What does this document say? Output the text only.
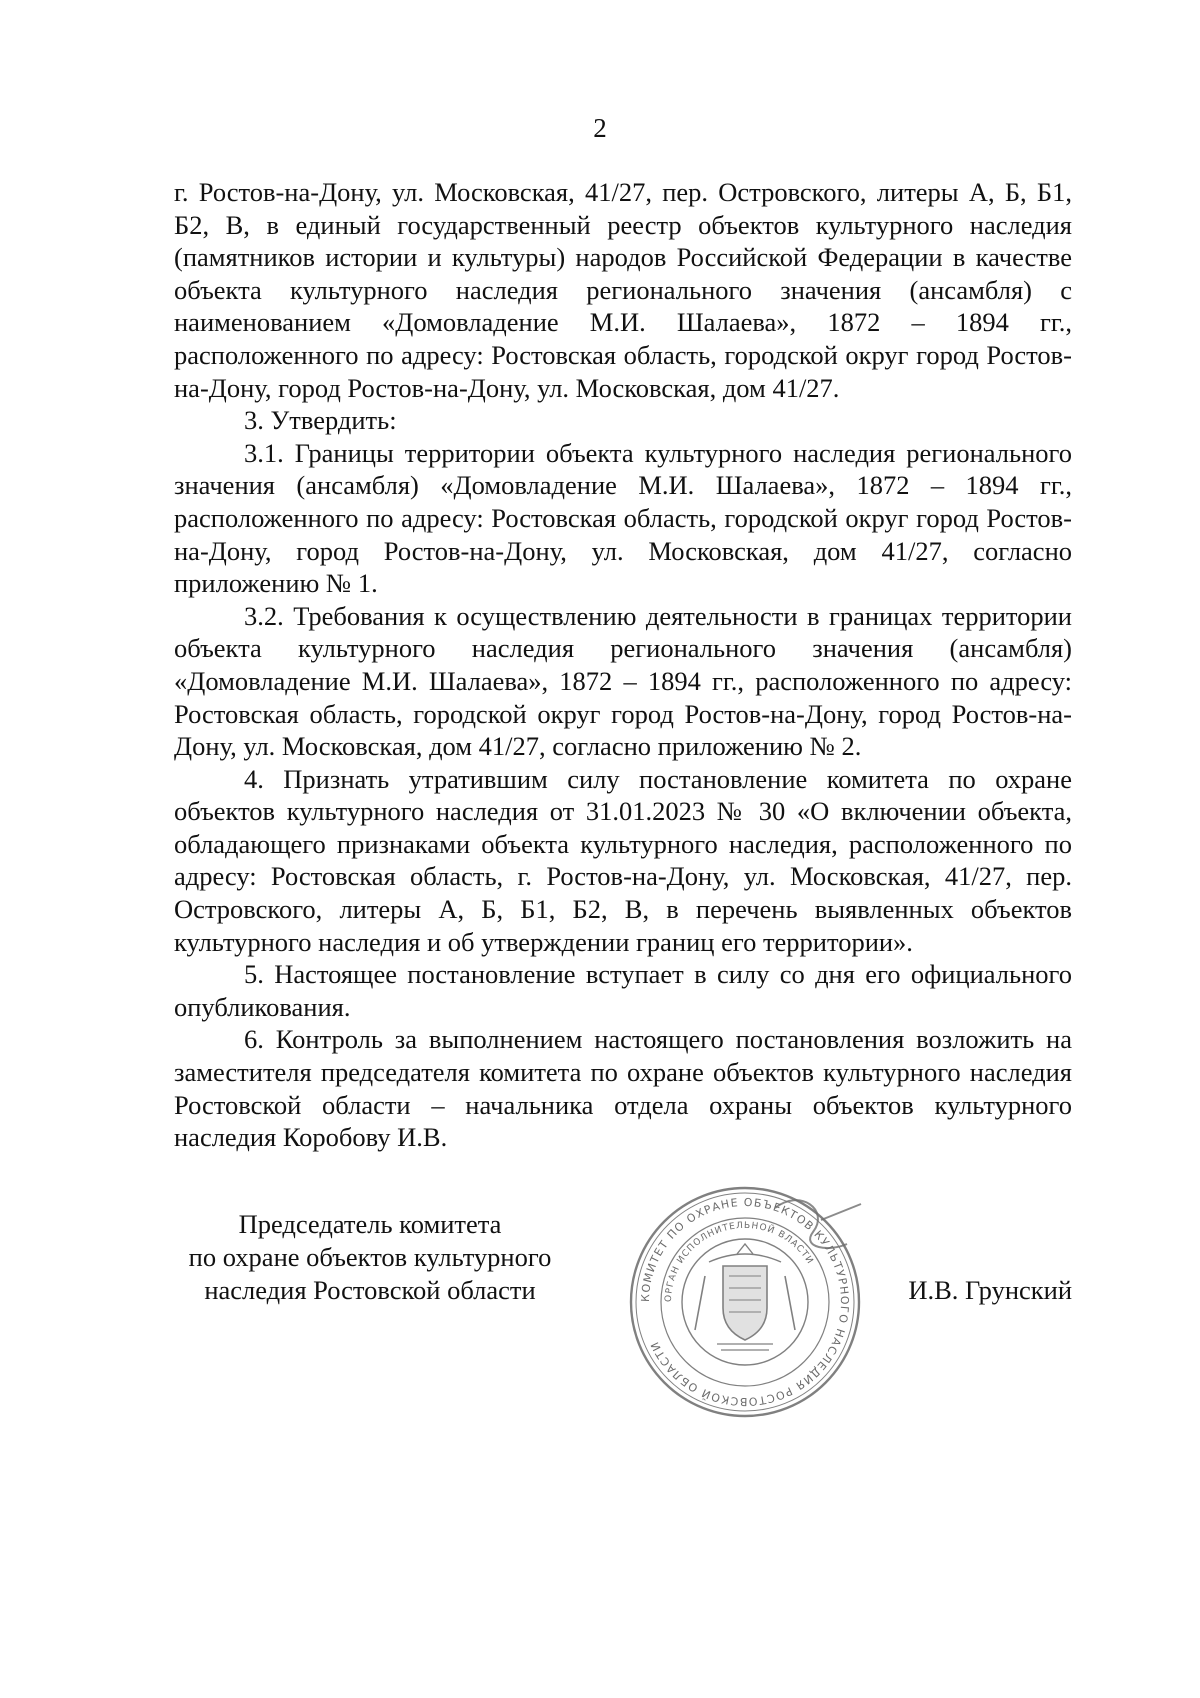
2

г. Ростов-на-Дону, ул. Московская, 41/27, пер. Островского, литеры А, Б, Б1, Б2, В, в единый государственный реестр объектов культурного наследия (памятников истории и культуры) народов Российской Федерации в качестве объекта культурного наследия регионального значения (ансамбля) с наименованием «Домовладение М.И. Шалаева», 1872 – 1894 гг., расположенного по адресу: Ростовская область, городской округ город Ростов-на-Дону, город Ростов-на-Дону, ул. Московская, дом 41/27.

3. Утвердить:

3.1. Границы территории объекта культурного наследия регионального значения (ансамбля) «Домовладение М.И. Шалаева», 1872 – 1894 гг., расположенного по адресу: Ростовская область, городской округ город Ростов-на-Дону, город Ростов-на-Дону, ул. Московская, дом 41/27, согласно приложению № 1.

3.2. Требования к осуществлению деятельности в границах территории объекта культурного наследия регионального значения (ансамбля) «Домовладение М.И. Шалаева», 1872 – 1894 гг., расположенного по адресу: Ростовская область, городской округ город Ростов-на-Дону, город Ростов-на-Дону, ул. Московская, дом 41/27, согласно приложению № 2.

4. Признать утратившим силу постановление комитета по охране объектов культурного наследия от 31.01.2023 № 30 «О включении объекта, обладающего признаками объекта культурного наследия, расположенного по адресу: Ростовская область, г. Ростов-на-Дону, ул. Московская, 41/27, пер. Островского, литеры А, Б, Б1, Б2, В, в перечень выявленных объектов культурного наследия и об утверждении границ его территории».

5. Настоящее постановление вступает в силу со дня его официального опубликования.

6. Контроль за выполнением настоящего постановления возложить на заместителя председателя комитета по охране объектов культурного наследия Ростовской области – начальника отдела охраны объектов культурного наследия Коробову И.В.

Председатель комитета
по охране объектов культурного
наследия Ростовской области	КОМИТЕТ ПО ОХРАНЕ ОБЪЕКТОВ КУЛЬТУРНОГО НАСЛЕДИЯ РОСТОВСКОЙ ОБЛАСТИ
ОРГАН ИСПОЛНИТЕЛЬНОЙ ВЛАСТИ
И.В. Грунский
